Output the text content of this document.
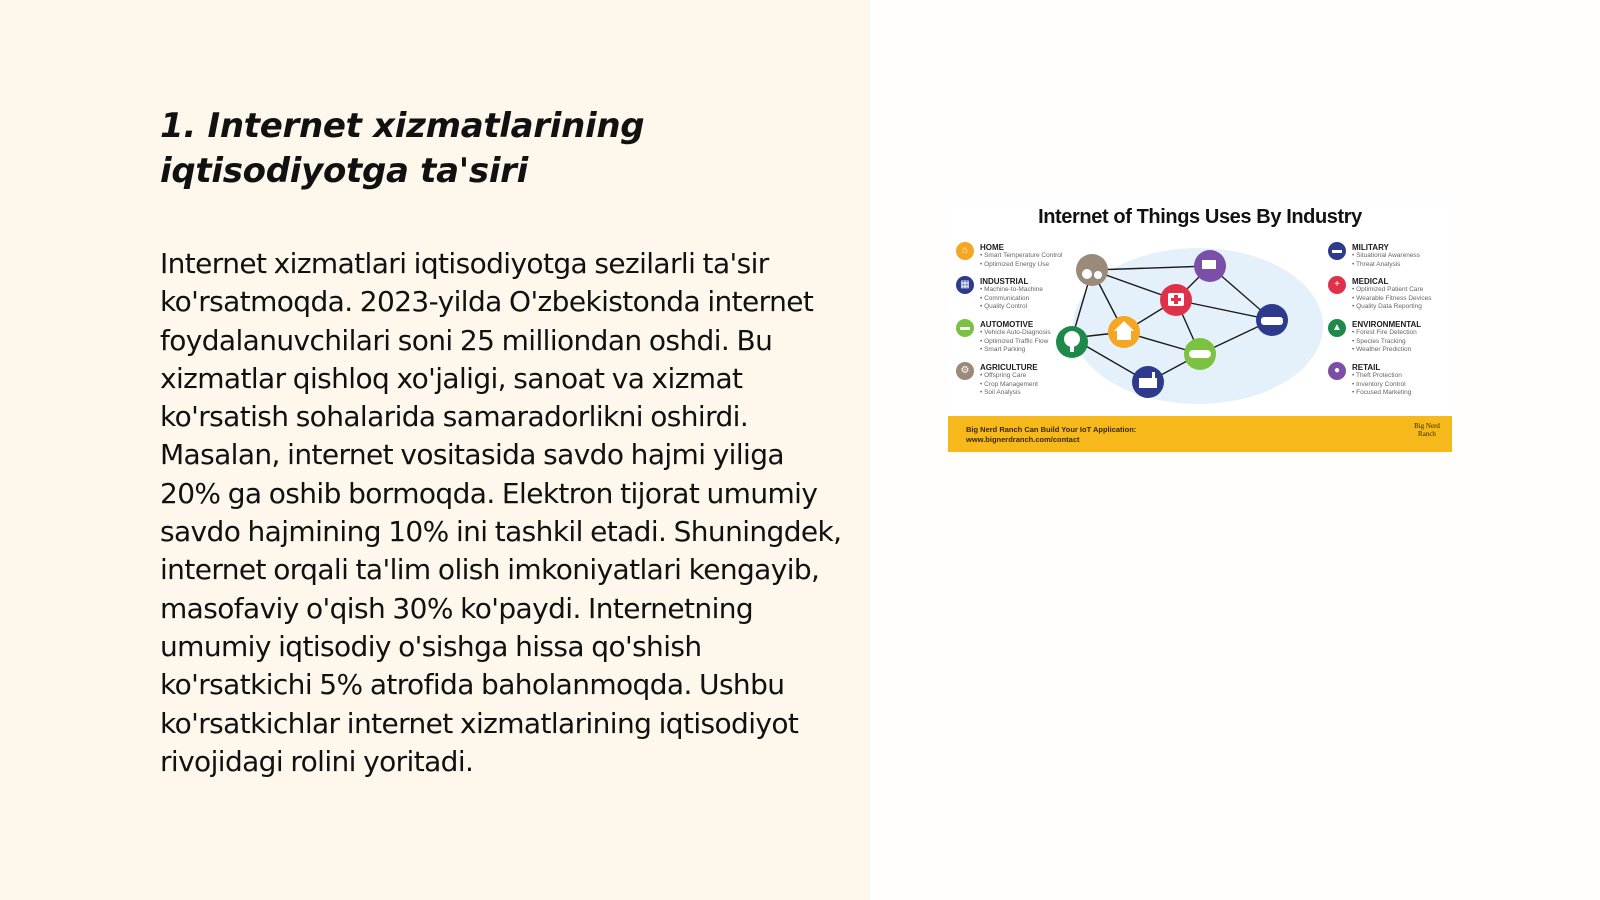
1. Internet xizmatlarining
iqtisodiyotga ta'siri

Internet xizmatlari iqtisodiyotga sezilarli ta'sir ko'rsatmoqda. 2023-yilda O'zbekistonda internet foydalanuvchilari soni 25 milliondan oshdi. Bu xizmatlar qishloq xo'jaligi, sanoat va xizmat ko'rsatish sohalarida samaradorlikni oshirdi. Masalan, internet vositasida savdo hajmi yiliga 20% ga oshib bormoqda. Elektron tijorat umumiy savdo hajmining 10% ini tashkil etadi. Shuningdek, internet orqali ta'lim olish imkoniyatlari kengayib, masofaviy o'qish 30% ko'paydi. Internetning umumiy iqtisodiy o'sishga hissa qo'shish ko'rsatkichi 5% atrofida baholanmoqda. Ushbu ko'rsatkichlar internet xizmatlarining iqtisodiyot rivojidagi rolini yoritadi.

Internet of Things Uses By Industry
⌂	HOME
• Smart Temperature Control
• Optimized Energy Use
▦	INDUSTRIAL
• Machine-to-Machine
• Communication
• Quality Control
▬	AUTOMOTIVE
• Vehicle Auto-Diagnosis
• Optimized Traffic Flow
• Smart Parking
⚙	AGRICULTURE
• Offspring Care
• Crop Management
• Soil Analysis
▬	MILITARY
• Situational Awareness
• Threat Analysis
+	MEDICAL
• Optimized Patient Care
• Wearable Fitness Devices
• Quality Data Reporting
▲	ENVIRONMENTAL
• Forest Fire Detection
• Species Tracking
• Weather Prediction
●	RETAIL
• Theft Protection
• Inventory Control
• Focused Marketing
Big Nerd Ranch Can Build Your IoT Application:
www.bignerdranch.com/contact
Big Nerd
Ranch
